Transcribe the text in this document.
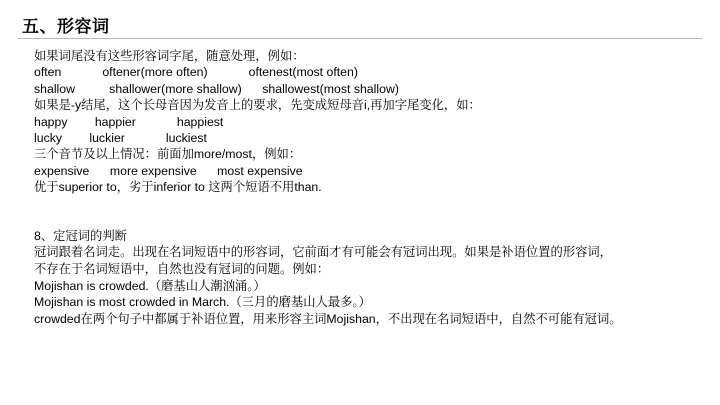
五、形容词
如果词尾没有这些形容词字尾，随意处理，例如：
often            oftener(more often)            oftenest(most often)
shallow          shallower(more shallow)      shallowest(most shallow)
如果是-y结尾，这个长母音因为发音上的要求，先变成短母音i,再加字尾变化，如：
happy        happier            happiest
lucky        luckier            luckiest
三个音节及以上情况：前面加more/most，例如：
expensive      more expensive      most expensive
优于superior to，劣于inferior to 这两个短语不用than.
8、定冠词的判断
冠词跟着名词走。出现在名词短语中的形容词，它前面才有可能会有冠词出现。如果是补语位置的形容词，
不存在于名词短语中，自然也没有冠词的问题。例如：
Mojishan is crowded.（磨基山人潮汹涌。）
Mojishan is most crowded in March.（三月的磨基山人最多。）
crowded在两个句子中都属于补语位置，用来形容主词Mojishan，不出现在名词短语中，自然不可能有冠词。
